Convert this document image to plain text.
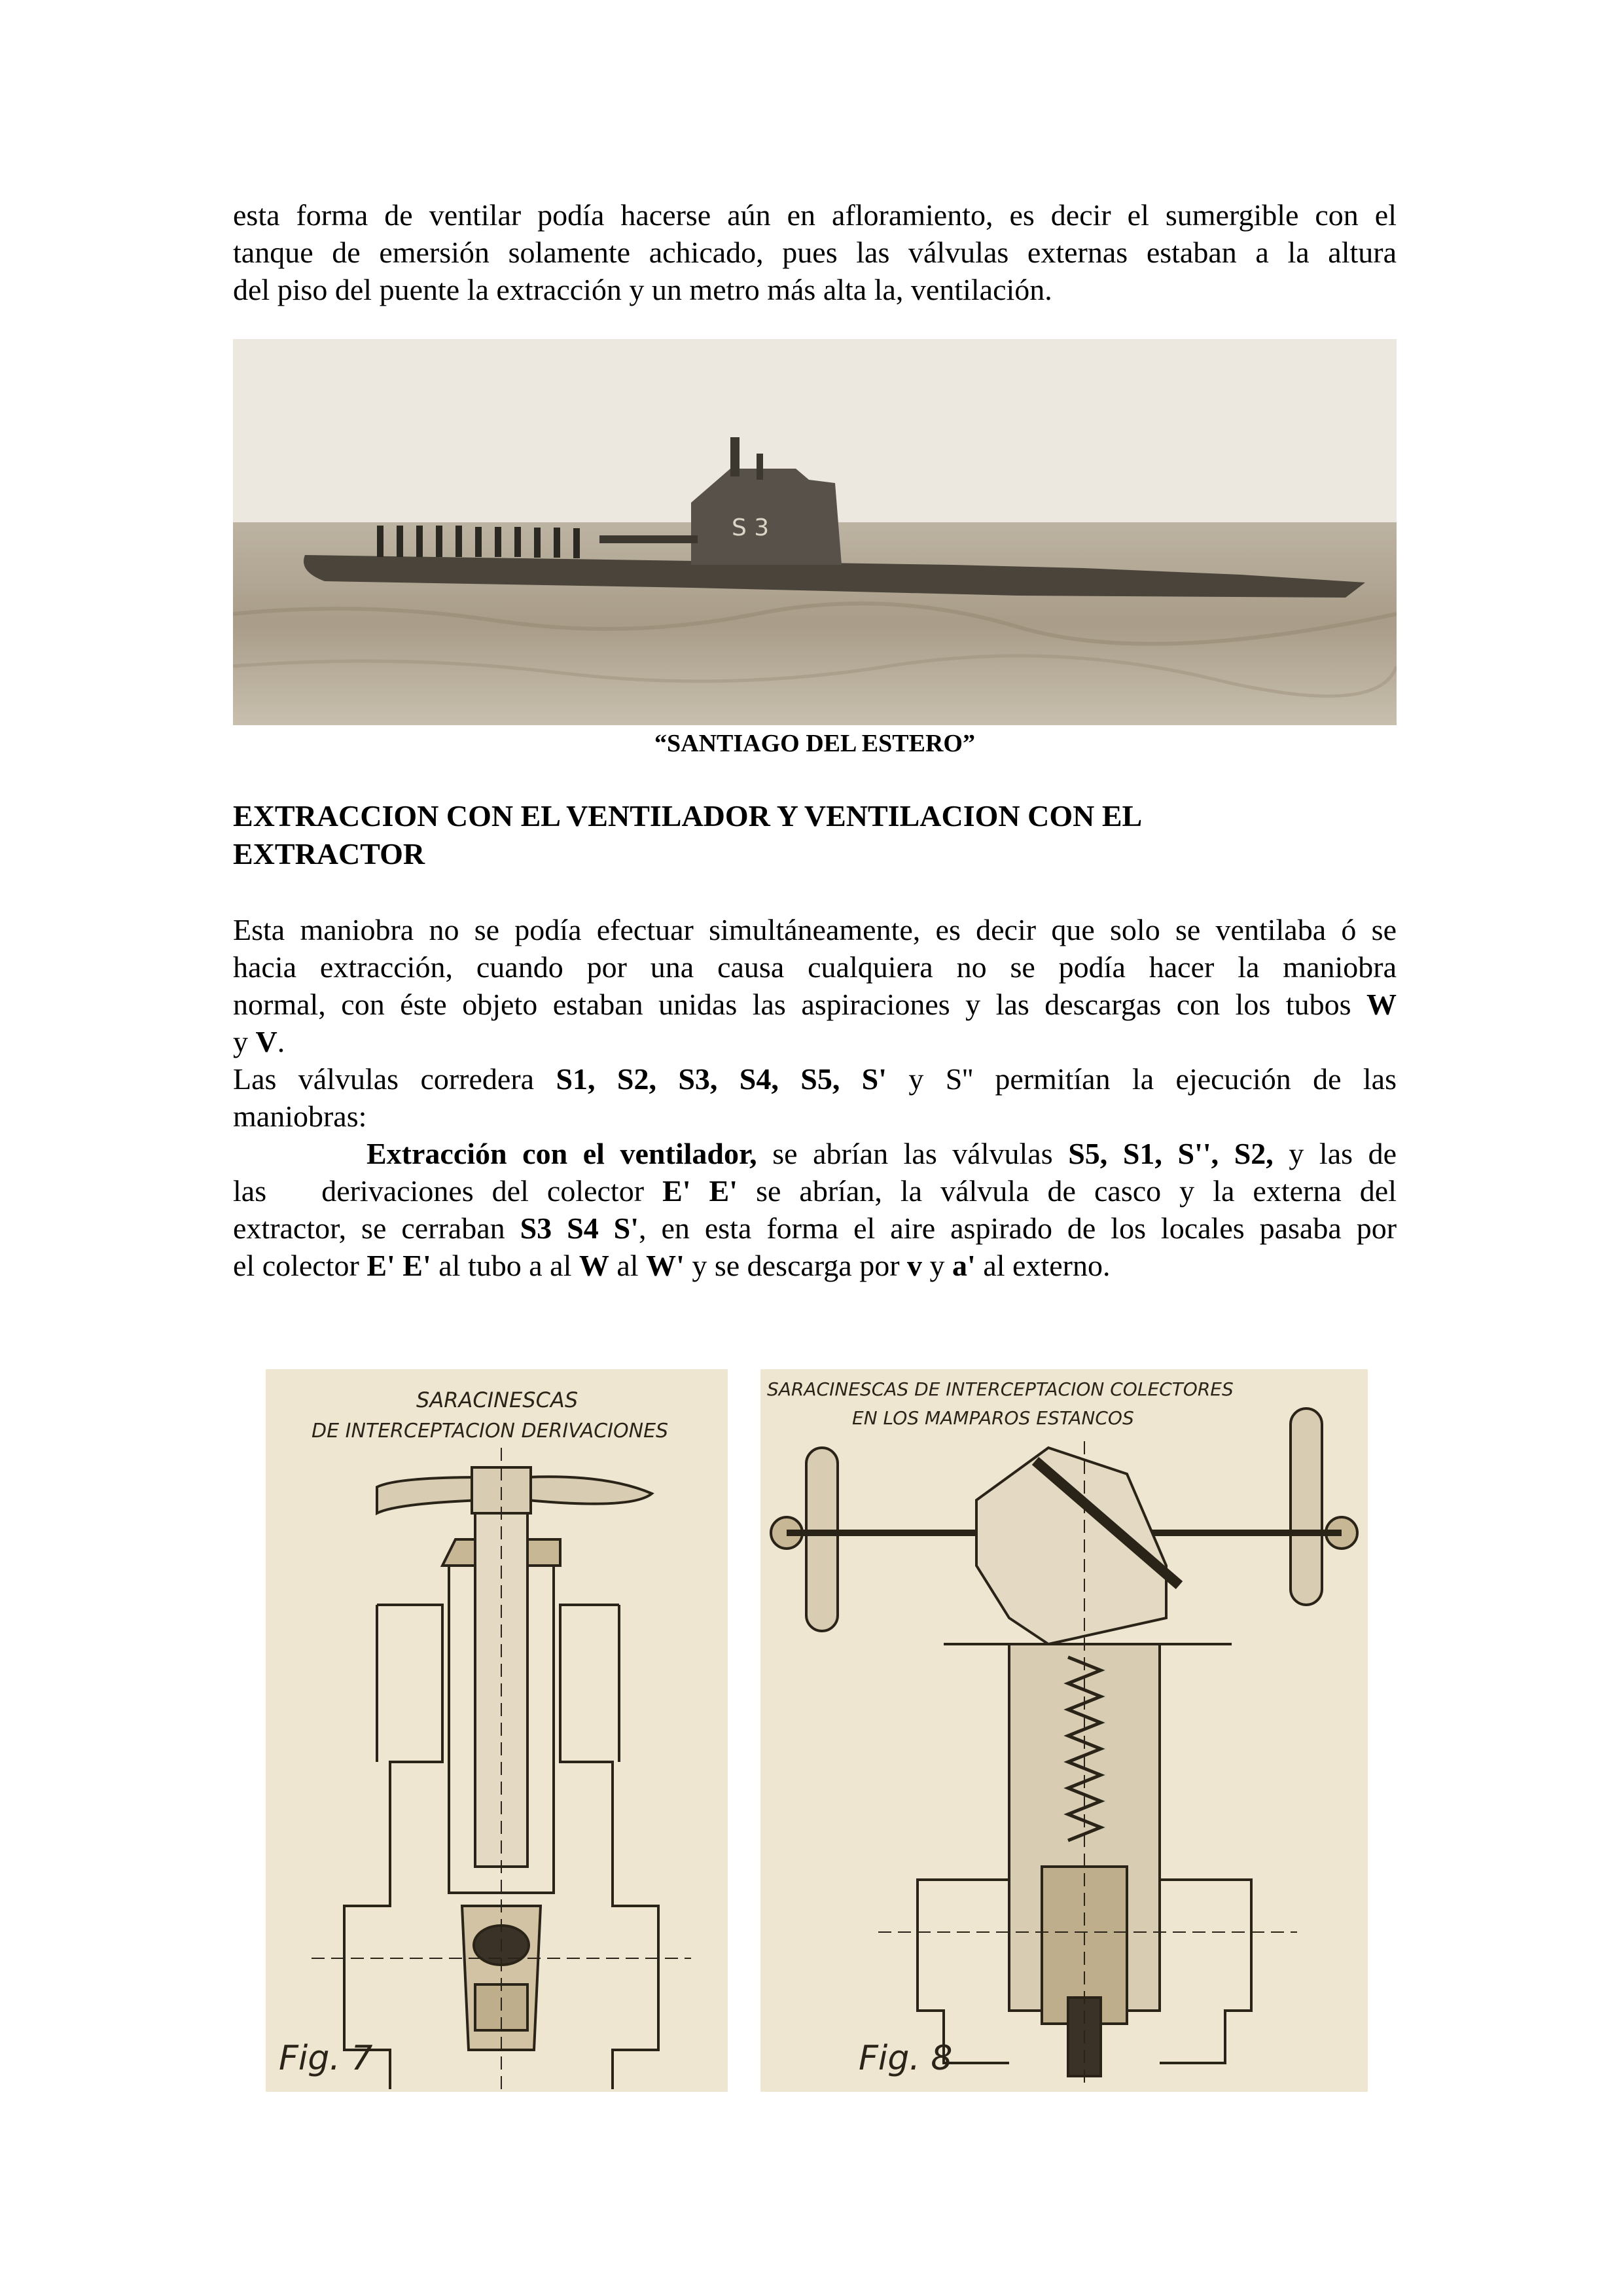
esta forma de ventilar podía hacerse aún en afloramiento, es decir el sumergible con el
tanque de emersión solamente achicado, pues las válvulas externas estaban a la altura
del piso del puente la extracción y un metro más alta la, ventilación.
S 3
“SANTIAGO DEL ESTERO”
EXTRACCION CON EL VENTILADOR Y VENTILACION CON EL
EXTRACTOR
Esta maniobra no se podía efectuar simultáneamente, es decir que solo se ventilaba ó se
hacia extracción, cuando por una causa cualquiera no se podía hacer la maniobra
normal, con éste objeto estaban unidas las aspiraciones y las descargas con los tubos W
y V.
Las válvulas corredera S1, S2, S3, S4, S5, S' y S'' permitían la ejecución de las
maniobras:
Extracción con el ventilador, se abrían las válvulas S5, S1, S'', S2, y las de
las   derivaciones del colector E' E' se abrían, la válvula de casco y la externa del
extractor, se cerraban S3 S4 S', en esta forma el aire aspirado de los locales pasaba por
el colector E' E' al tubo a al W al W' y se descarga por v y a' al externo.
SARACINESCAS
DE INTERCEPTACION DERIVACIONES
Fig. 7
SARACINESCAS DE INTERCEPTACION COLECTORES
EN LOS MAMPAROS ESTANCOS
Fig. 8
